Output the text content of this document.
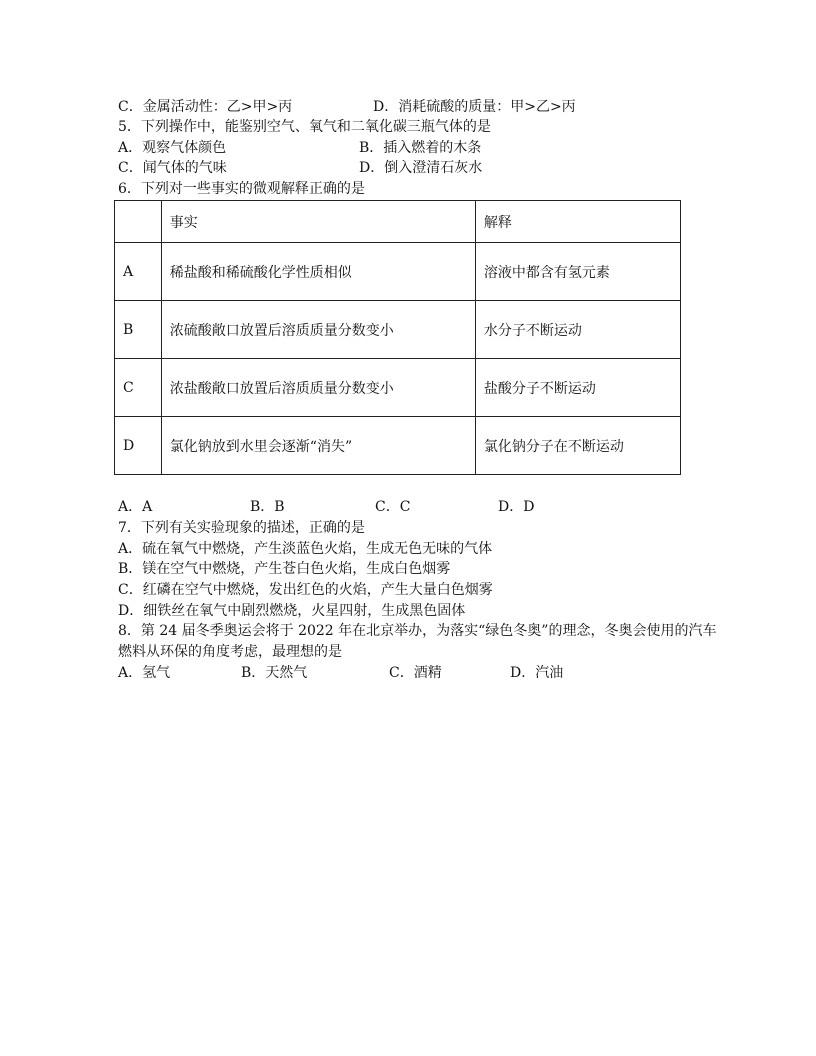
C．金属活动性：乙>甲>丙	D．消耗硫酸的质量：甲>乙>丙
5．下列操作中，能鉴别空气、氧气和二氧化碳三瓶气体的是
A．观察气体颜色	B．插入燃着的木条
C．闻气体的气味	D．倒入澄清石灰水
6．下列对一些事实的微观解释正确的是
	事实	解释
A	稀盐酸和稀硫酸化学性质相似	溶液中都含有氢元素
B	浓硫酸敞口放置后溶质质量分数变小	水分子不断运动
C	浓盐酸敞口放置后溶质质量分数变小	盐酸分子不断运动
D	氯化钠放到水里会逐渐“消失”	氯化钠分子在不断运动
A．A	B．B	C．C	D．D
7．下列有关实验现象的描述，正确的是
A．硫在氧气中燃烧，产生淡蓝色火焰，生成无色无味的气体
B．镁在空气中燃烧，产生苍白色火焰，生成白色烟雾
C．红磷在空气中燃烧，发出红色的火焰，产生大量白色烟雾
D．细铁丝在氧气中剧烈燃烧，火星四射，生成黑色固体
8．第 24 届冬季奥运会将于 2022 年在北京举办，为落实“绿色冬奥”的理念，冬奥会使用的汽车
燃料从环保的角度考虑，最理想的是
A．氢气	B．天然气	C．酒精	D．汽油
